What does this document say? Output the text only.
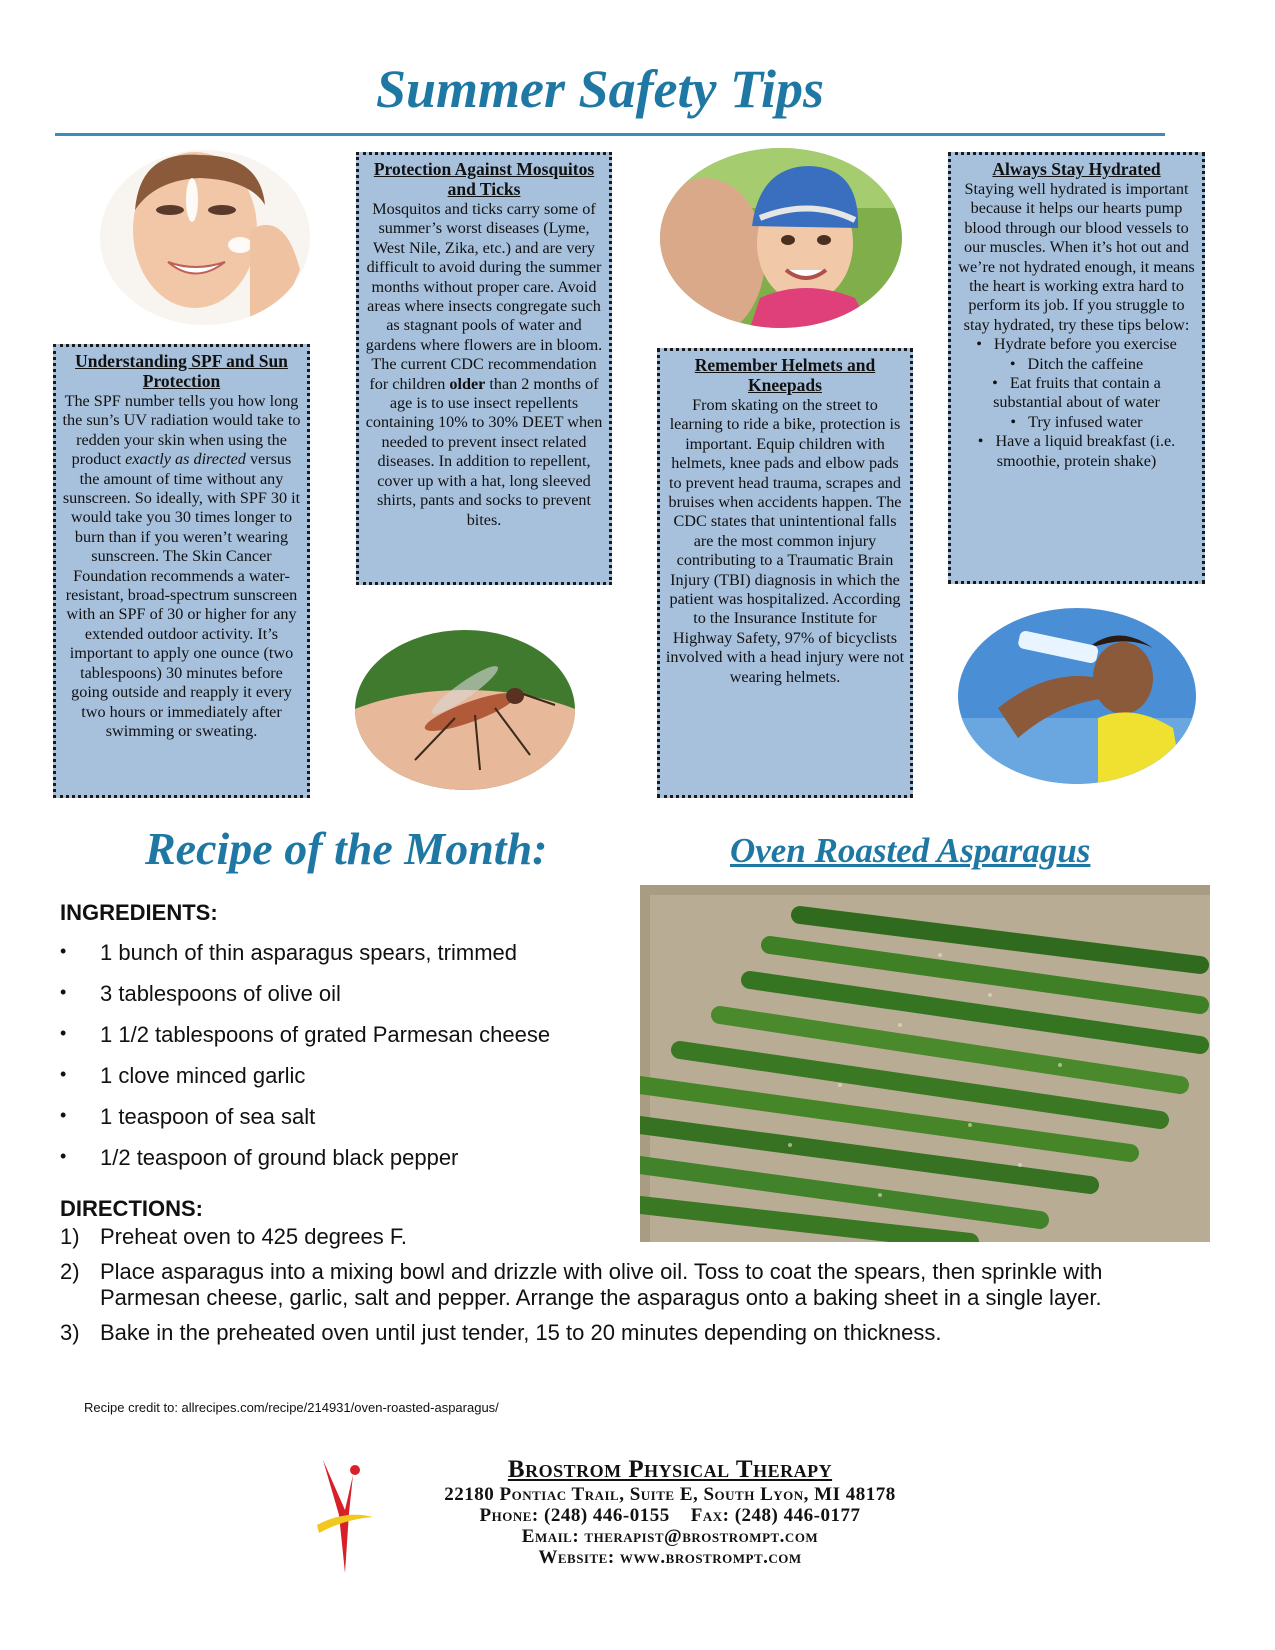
Summer Safety Tips
Understanding SPF and Sun Protection

The SPF number tells you how long the sun’s UV radiation would take to redden your skin when using the product exactly as directed versus the amount of time without any sunscreen. So ideally, with SPF 30 it would take you 30 times longer to burn than if you weren’t wearing sunscreen. The Skin Cancer Foundation recommends a water-resistant, broad-spectrum sunscreen with an SPF of 30 or higher for any extended outdoor activity. It’s important to apply one ounce (two tablespoons) 30 minutes before going outside and reapply it every two hours or immediately after swimming or sweating.

Protection Against Mosquitos and Ticks

Mosquitos and ticks carry some of summer’s worst diseases (Lyme, West Nile, Zika, etc.) and are very difficult to avoid during the summer months without proper care. Avoid areas where insects congregate such as stagnant pools of water and gardens where flowers are in bloom. The current CDC recommendation for children older than 2 months of age is to use insect repellents containing 10% to 30% DEET when needed to prevent insect related diseases. In addition to repellent, cover up with a hat, long sleeved shirts, pants and socks to prevent bites.

Remember Helmets and Kneepads

From skating on the street to learning to ride a bike, protection is important. Equip children with helmets, knee pads and elbow pads to prevent head trauma, scrapes and bruises when accidents happen. The CDC states that unintentional falls are the most common injury contributing to a Traumatic Brain Injury (TBI) diagnosis in which the patient was hospitalized. According to the Insurance Institute for Highway Safety, 97% of bicyclists involved with a head injury were not wearing helmets.

Always Stay Hydrated

Staying well hydrated is important because it helps our hearts pump blood through our blood vessels to our muscles. When it’s hot out and we’re not hydrated enough, it means the heart is working extra hard to perform its job. If you struggle to stay hydrated, try these tips below:

• Hydrate before you exercise
• Ditch the caffeine
• Eat fruits that contain a substantial about of water
• Try infused water
• Have a liquid breakfast (i.e. smoothie, protein shake)
Recipe of the Month:	Oven Roasted Asparagus
INGREDIENTS:
• 1 bunch of thin asparagus spears, trimmed
• 3 tablespoons of olive oil
• 1 1/2 tablespoons of grated Parmesan cheese
• 1 clove minced garlic
• 1 teaspoon of sea salt
• 1/2 teaspoon of ground black pepper
DIRECTIONS:
1) Preheat oven to 425 degrees F.
2) Place asparagus into a mixing bowl and drizzle with olive oil. Toss to coat the spears, then sprinkle with Parmesan cheese, garlic, salt and pepper. Arrange the asparagus onto a baking sheet in a single layer.
3) Bake in the preheated oven until just tender, 15 to 20 minutes depending on thickness.
Recipe credit to: allrecipes.com/recipe/214931/oven-roasted-asparagus/
Brostrom Physical Therapy
22180 Pontiac Trail, Suite E, South Lyon, MI 48178
Phone: (248) 446-0155 Fax: (248) 446-0177
Email: therapist@brostrompt.com
Website: www.brostrompt.com
